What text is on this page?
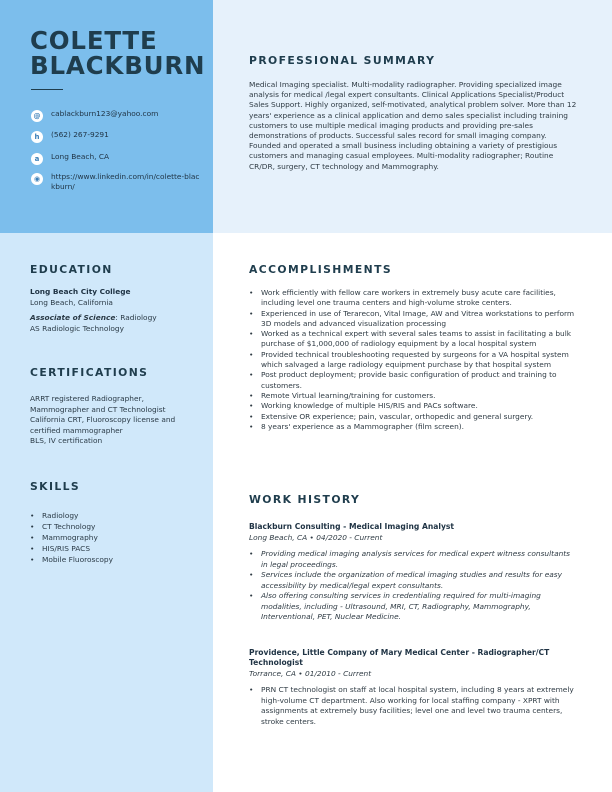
COLETTE
BLACKBURN
@	cablackburn123@yahoo.com
h	(562) 267-9291
a	Long Beach, CA
◉	https://www.linkedin.com/in/colette-blackburn/
PROFESSIONAL SUMMARY
Medical Imaging specialist. Multi-modality radiographer. Providing specialized image analysis for medical /legal expert consultants. Clinical Applications Specialist/Product Sales Support. Highly organized, self-motivated, analytical problem solver. More than 12 years' experience as a clinical application and demo sales specialist including training customers to use multiple medical imaging products and providing pre-sales demonstrations of products. Successful sales record for small imaging company. Founded and operated a small business including obtaining a variety of prestigious customers and managing casual employees. Multi-modality radiographer; Routine CR/DR, surgery, CT technology and Mammography.
EDUCATION
Long Beach City College
Long Beach, California
Associate of Science: Radiology
AS Radiologic Technology
CERTIFICATIONS
ARRT registered Radiographer, Mammographer and CT Technologist
California CRT, Fluoroscopy license and certified mammographer
BLS, IV certification
SKILLS
• Radiology
• CT Technology
• Mammography
• HIS/RIS PACS
• Mobile Fluoroscopy
ACCOMPLISHMENTS
• Work efficiently with fellow care workers in extremely busy acute care facilities, including level one trauma centers and high-volume stroke centers.
• Experienced in use of Terarecon, Vital Image, AW and Vitrea workstations to perform 3D models and advanced visualization processing
• Worked as a technical expert with several sales teams to assist in facilitating a bulk purchase of $1,000,000 of radiology equipment by a local hospital system
• Provided technical troubleshooting requested by surgeons for a VA hospital system which salvaged a large radiology equipment purchase by that hospital system
• Post product deployment; provide basic configuration of product and training to customers.
• Remote Virtual learning/training for customers.
• Working knowledge of multiple HIS/RIS and PACs software.
• Extensive OR experience; pain, vascular, orthopedic and general surgery.
• 8 years' experience as a Mammographer (film screen).
WORK HISTORY
Blackburn Consulting - Medical Imaging Analyst
Long Beach, CA • 04/2020 - Current
• Providing medical imaging analysis services for medical expert witness consultants in legal proceedings.
• Services include the organization of medical imaging studies and results for easy accessibility by medical/legal expert consultants.
• Also offering consulting services in credentialing required for multi-imaging modalities, including - Ultrasound, MRI, CT, Radiography, Mammography, Interventional, PET, Nuclear Medicine.
Providence, Little Company of Mary Medical Center - Radiographer/CT Technologist
Torrance, CA • 01/2010 - Current
• PRN CT technologist on staff at local hospital system, including 8 years at extremely high-volume CT department. Also working for local staffing company - XPRT with assignments at extremely busy facilities; level one and level two trauma centers, stroke centers.
